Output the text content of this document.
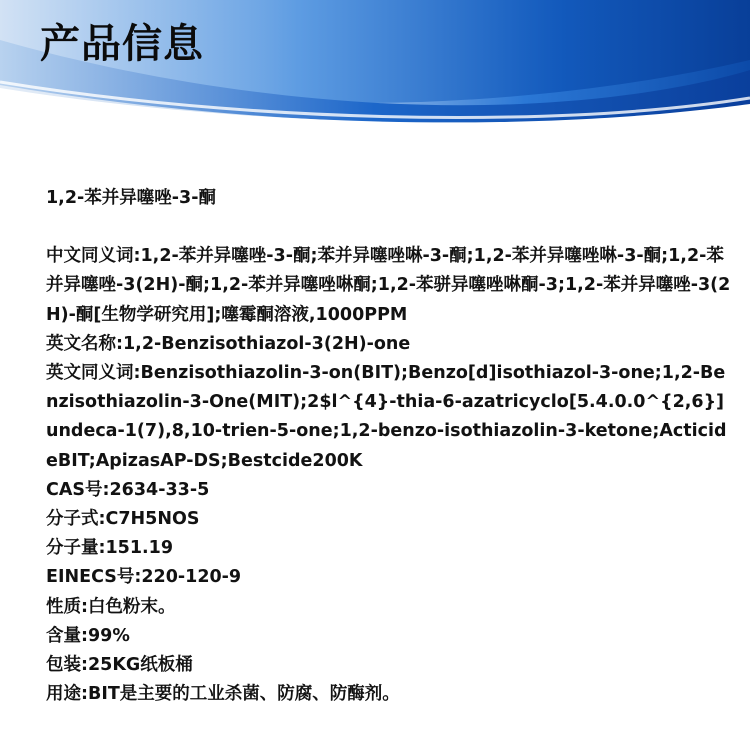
产品信息

1,2-苯并异噻唑-3-酮

中文同义词:1,2-苯并异噻唑-3-酮;苯并异噻唑啉-3-酮;1,2-苯并异噻唑啉-3-酮;1,2-苯并异噻唑-3(2H)-酮;1,2-苯并异噻唑啉酮;1,2-苯骈异噻唑啉酮-3;1,2-苯并异噻唑-3(2H)-酮[生物学研究用];噻霉酮溶液,1000PPM
英文名称:1,2-Benzisothiazol-3(2H)-one
英文同义词:Benzisothiazolin-3-on(BIT);Benzo[d]isothiazol-3-one;1,2-Benzisothiazolin-3-One(MIT);2$l^{4}-thia-6-azatricyclo[5.4.0.0^{2,6}]undeca-1(7),8,10-trien-5-one;1,2-benzo-isothiazolin-3-ketone;ActicideBIT;ApizasAP-DS;Bestcide200K
CAS号:2634-33-5
分子式:C7H5NOS
分子量:151.19
EINECS号:220-120-9
性质:白色粉末。
含量:99%
包装:25KG纸板桶
用途:BIT是主要的工业杀菌、防腐、防酶剂。
